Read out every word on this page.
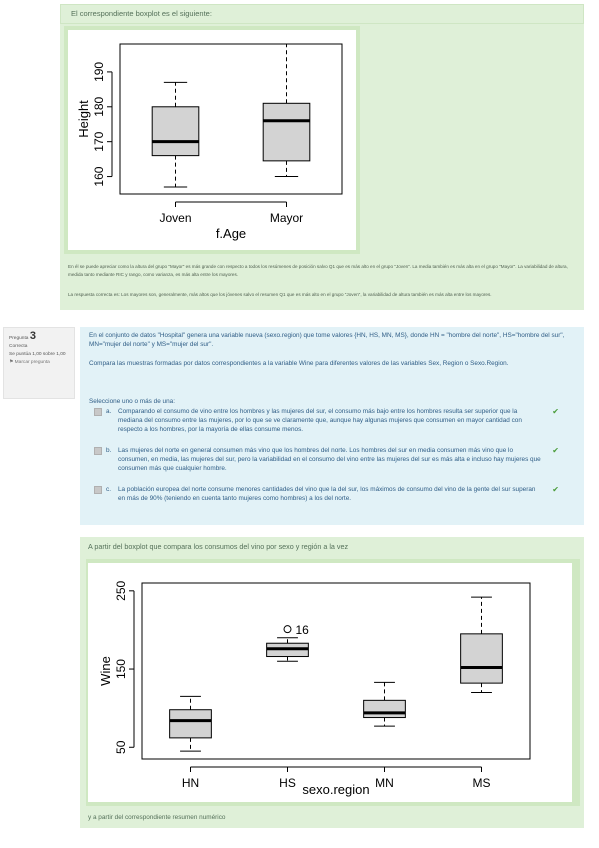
El correspondiente boxplot es el siguiente:
Height
f.Age
160
170
180
190
Joven	Mayor
En él se puede apreciar como la altura del grupo "Mayor" es más grande con respecto a todos los resúmenes de posición salvo Q1 que es más alto en el grupo "Joven". La media también es más alta en el grupo "Mayor". La variabilidad de altura, medida tanto mediante RIC y rango, como varianza, es más alta entre los mayores.
La respuesta correcta es: Los mayores son, generalmente, más altos que los jóvenes salvo el resumen Q1 que es más alto en el grupo "Joven", la variabilidad de altura también es más alta entre los mayores.
Pregunta 3
Correcta
Se puntúa 1,00 sobre 1,00
⚑ Marcar pregunta
En el conjunto de datos "Hospital" genera una variable nueva (sexo.region) que tome valores {HN, HS, MN, MS}, donde HN = "hombre del norte", HS="hombre del sur", MN="mujer del norte" y MS="mujer del sur".
Compara las muestras formadas por datos correspondientes a la variable Wine para diferentes valores de las variables Sex, Region o Sexo.Region.
Seleccione uno o más de una:
a. Comparando el consumo de vino entre los hombres y las mujeres del sur, el consumo más bajo entre los hombres resulta ser superior que la mediana del consumo entre las mujeres, por lo que se ve claramente que, aunque hay algunas mujeres que consumen en mayor cantidad con respecto a los hombres, por la mayoría de ellas consume menos.
✔
b. Las mujeres del norte en general consumen más vino que los hombres del norte. Los hombres del sur en media consumen más vino que lo consumen, en media, las mujeres del sur, pero la variabilidad en el consumo del vino entre las mujeres del sur es más alta e incluso hay mujeres que consumen más que cualquier hombre.
✔
c. La población europea del norte consume menores cantidades del vino que la del sur, los máximos de consumo del vino de la gente del sur superan en más de 90% (teniendo en cuenta tanto mujeres como hombres) a los del norte.
✔
A partir del boxplot que compara los consumos del vino por sexo y región a la vez
Wine
sexo.region
50
150
250
HN	HS	MN	MS
16
y a partir del correspondiente resumen numérico
